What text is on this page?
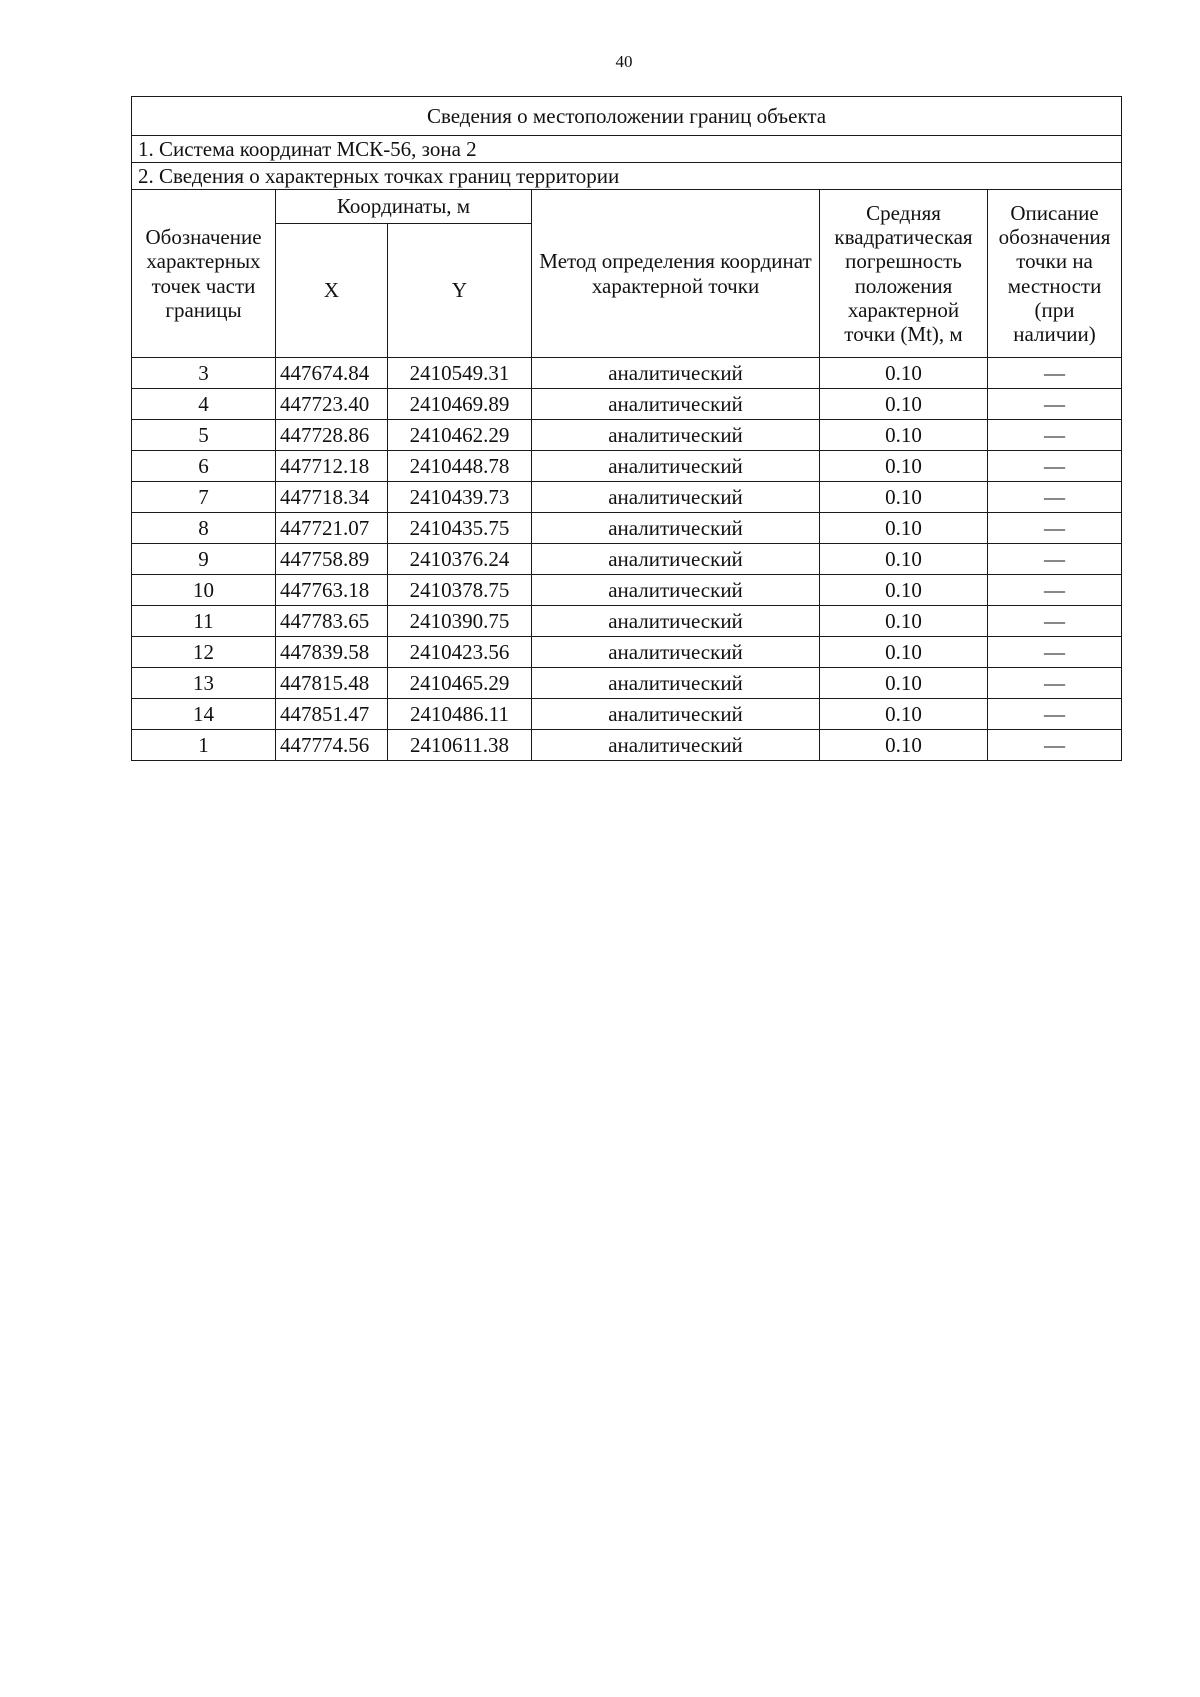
40
Сведения о местоположении границ объекта					
1. Система координат МСК-56, зона 2					
2. Сведения о характерных точках границ территории					
Обозначение характерных точек части границы	Координаты, м		Метод определения координат характерной точки	Средняя квадратическая погрешность положения характерной точки (Mt), м	Описание обозначения точки на местности (при наличии)
	X	Y			
3	447674.84	2410549.31	аналитический	0.10	—
4	447723.40	2410469.89	аналитический	0.10	—
5	447728.86	2410462.29	аналитический	0.10	—
6	447712.18	2410448.78	аналитический	0.10	—
7	447718.34	2410439.73	аналитический	0.10	—
8	447721.07	2410435.75	аналитический	0.10	—
9	447758.89	2410376.24	аналитический	0.10	—
10	447763.18	2410378.75	аналитический	0.10	—
11	447783.65	2410390.75	аналитический	0.10	—
12	447839.58	2410423.56	аналитический	0.10	—
13	447815.48	2410465.29	аналитический	0.10	—
14	447851.47	2410486.11	аналитический	0.10	—
1	447774.56	2410611.38	аналитический	0.10	—
